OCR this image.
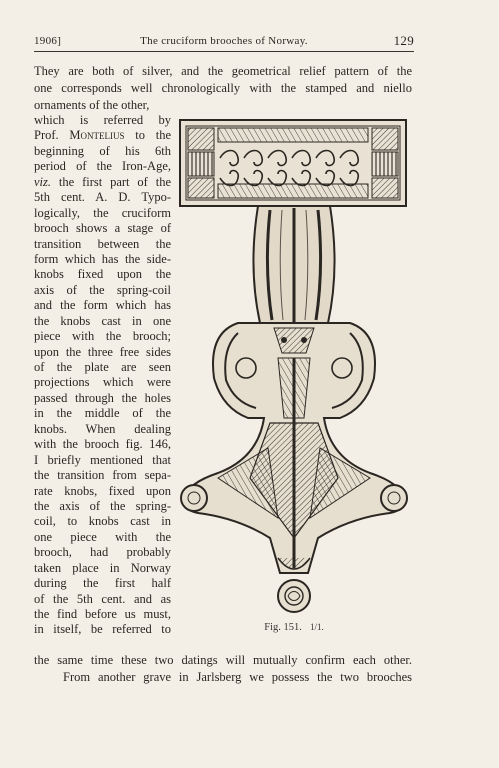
1906]	The cruciform brooches of Norway.	129
They are both of silver, and the geometrical relief pattern of the
one corresponds well chronologically with the stamped and niello
ornaments of the other,
which is referred by
Prof. Montelius to the
beginning of his 6th
period of the Iron-Age,
viz. the first part of the
5th cent. A. D. Typo-
logically, the cruciform
brooch shows a stage of
transition between the
form which has the side-
knobs fixed upon the
axis of the spring-coil
and the form which has
the knobs cast in one
piece with the brooch;
upon the three free sides
of the plate are seen
projections which were
passed through the holes
in the middle of the
knobs. When dealing
with the brooch fig. 146,
I briefly mentioned that
the transition from sepa-
rate knobs, fixed upon
the axis of the spring-
coil, to knobs cast in
one piece with the
brooch, had probably
taken place in Norway
during the first half
of the 5th cent. and as
the find before us must,
in itself, be referred to	Fig. 151. 1/1.
the same time these two datings will mutually confirm each other.
From another grave in Jarlsberg we possess the two brooches
